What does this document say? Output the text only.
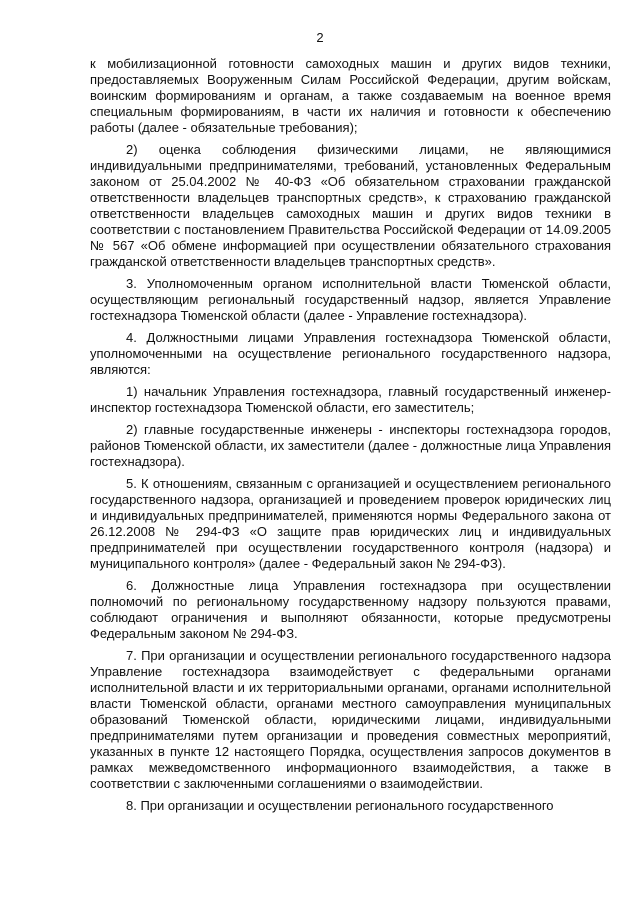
2

к мобилизационной готовности самоходных машин и других видов техники, предоставляемых Вооруженным Силам Российской Федерации, другим войскам, воинским формированиям и органам, а также создаваемым на военное время специальным формированиям, в части их наличия и готовности к обеспечению работы (далее - обязательные требования);

2) оценка соблюдения физическими лицами, не являющимися индивидуальными предпринимателями, требований, установленных Федеральным законом от 25.04.2002 № 40-ФЗ «Об обязательном страховании гражданской ответственности владельцев транспортных средств», к страхованию гражданской ответственности владельцев самоходных машин и других видов техники в соответствии с постановлением Правительства Российской Федерации от 14.09.2005 № 567 «Об обмене информацией при осуществлении обязательного страхования гражданской ответственности владельцев транспортных средств».

3. Уполномоченным органом исполнительной власти Тюменской области, осуществляющим региональный государственный надзор, является Управление гостехнадзора Тюменской области (далее - Управление гостехнадзора).

4. Должностными лицами Управления гостехнадзора Тюменской области, уполномоченными на осуществление регионального государственного надзора, являются:

1) начальник Управления гостехнадзора, главный государственный инженер-инспектор гостехнадзора Тюменской области, его заместитель;

2) главные государственные инженеры - инспекторы гостехнадзора городов, районов Тюменской области, их заместители (далее - должностные лица Управления гостехнадзора).

5. К отношениям, связанным с организацией и осуществлением регионального государственного надзора, организацией и проведением проверок юридических лиц и индивидуальных предпринимателей, применяются нормы Федерального закона от 26.12.2008 № 294-ФЗ «О защите прав юридических лиц и индивидуальных предпринимателей при осуществлении государственного контроля (надзора) и муниципального контроля» (далее - Федеральный закон № 294-ФЗ).

6. Должностные лица Управления гостехнадзора при осуществлении полномочий по региональному государственному надзору пользуются правами, соблюдают ограничения и выполняют обязанности, которые предусмотрены Федеральным законом № 294-ФЗ.

7. При организации и осуществлении регионального государственного надзора Управление гостехнадзора взаимодействует с федеральными органами исполнительной власти и их территориальными органами, органами исполнительной власти Тюменской области, органами местного самоуправления муниципальных образований Тюменской области, юридическими лицами, индивидуальными предпринимателями путем организации и проведения совместных мероприятий, указанных в пункте 12 настоящего Порядка, осуществления запросов документов в рамках межведомственного информационного взаимодействия, а также в соответствии с заключенными соглашениями о взаимодействии.

8. При организации и осуществлении регионального государственного
